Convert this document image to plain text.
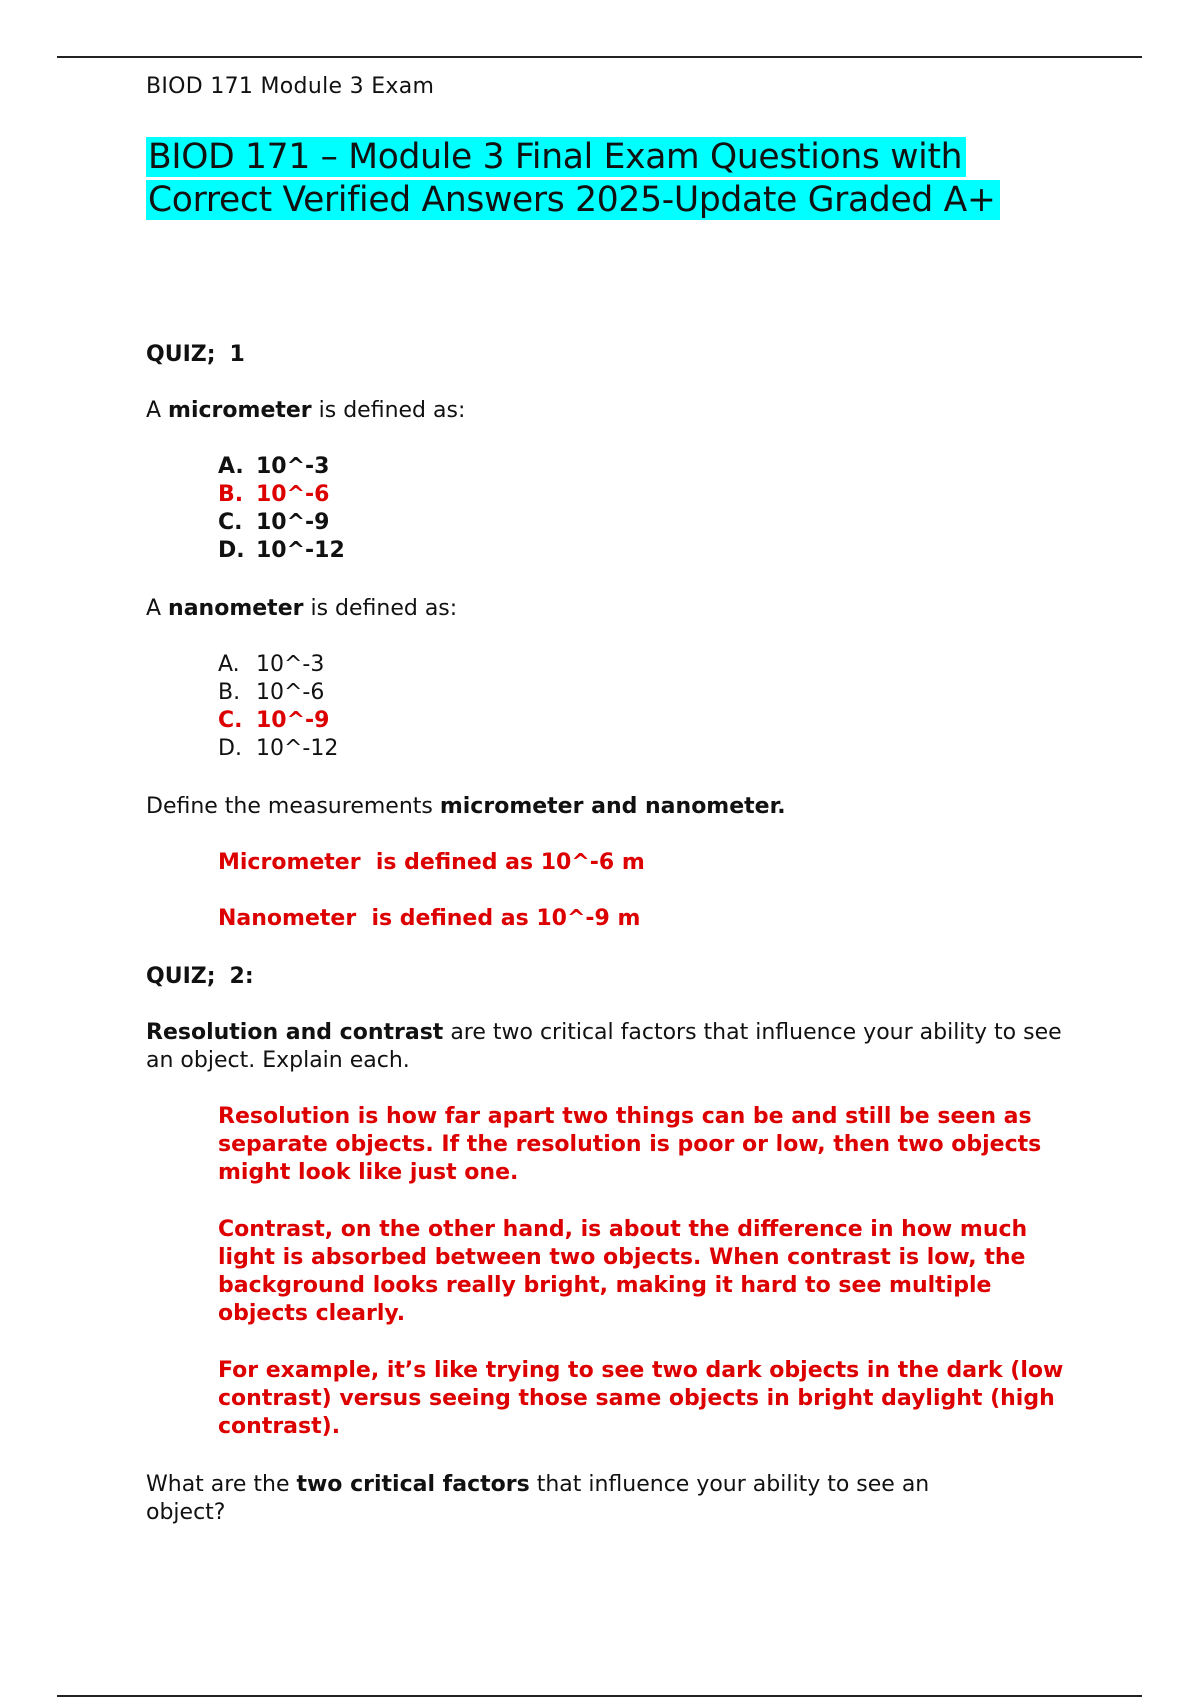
BIOD 171 Module 3 Exam
BIOD 171 – Module 3 Final Exam Questions with Correct Verified Answers 2025-Update Graded A+
QUIZ; 1

A micrometer is defined as:

A. 10^-3
B. 10^-6
C. 10^-9
D. 10^-12

A nanometer is defined as:

A. 10^-3
B. 10^-6
C. 10^-9
D. 10^-12

Define the measurements micrometer and nanometer.

Micrometer  is defined as 10^-6 m

Nanometer  is defined as 10^-9 m

QUIZ; 2:

Resolution and contrast are two critical factors that influence your ability to see an object. Explain each.

Resolution is how far apart two things can be and still be seen as separate objects. If the resolution is poor or low, then two objects might look like just one.

Contrast, on the other hand, is about the difference in how much light is absorbed between two objects. When contrast is low, the background looks really bright, making it hard to see multiple objects clearly.

For example, it’s like trying to see two dark objects in the dark (low contrast) versus seeing those same objects in bright daylight (high contrast).

What are the two critical factors that influence your ability to see an object?
